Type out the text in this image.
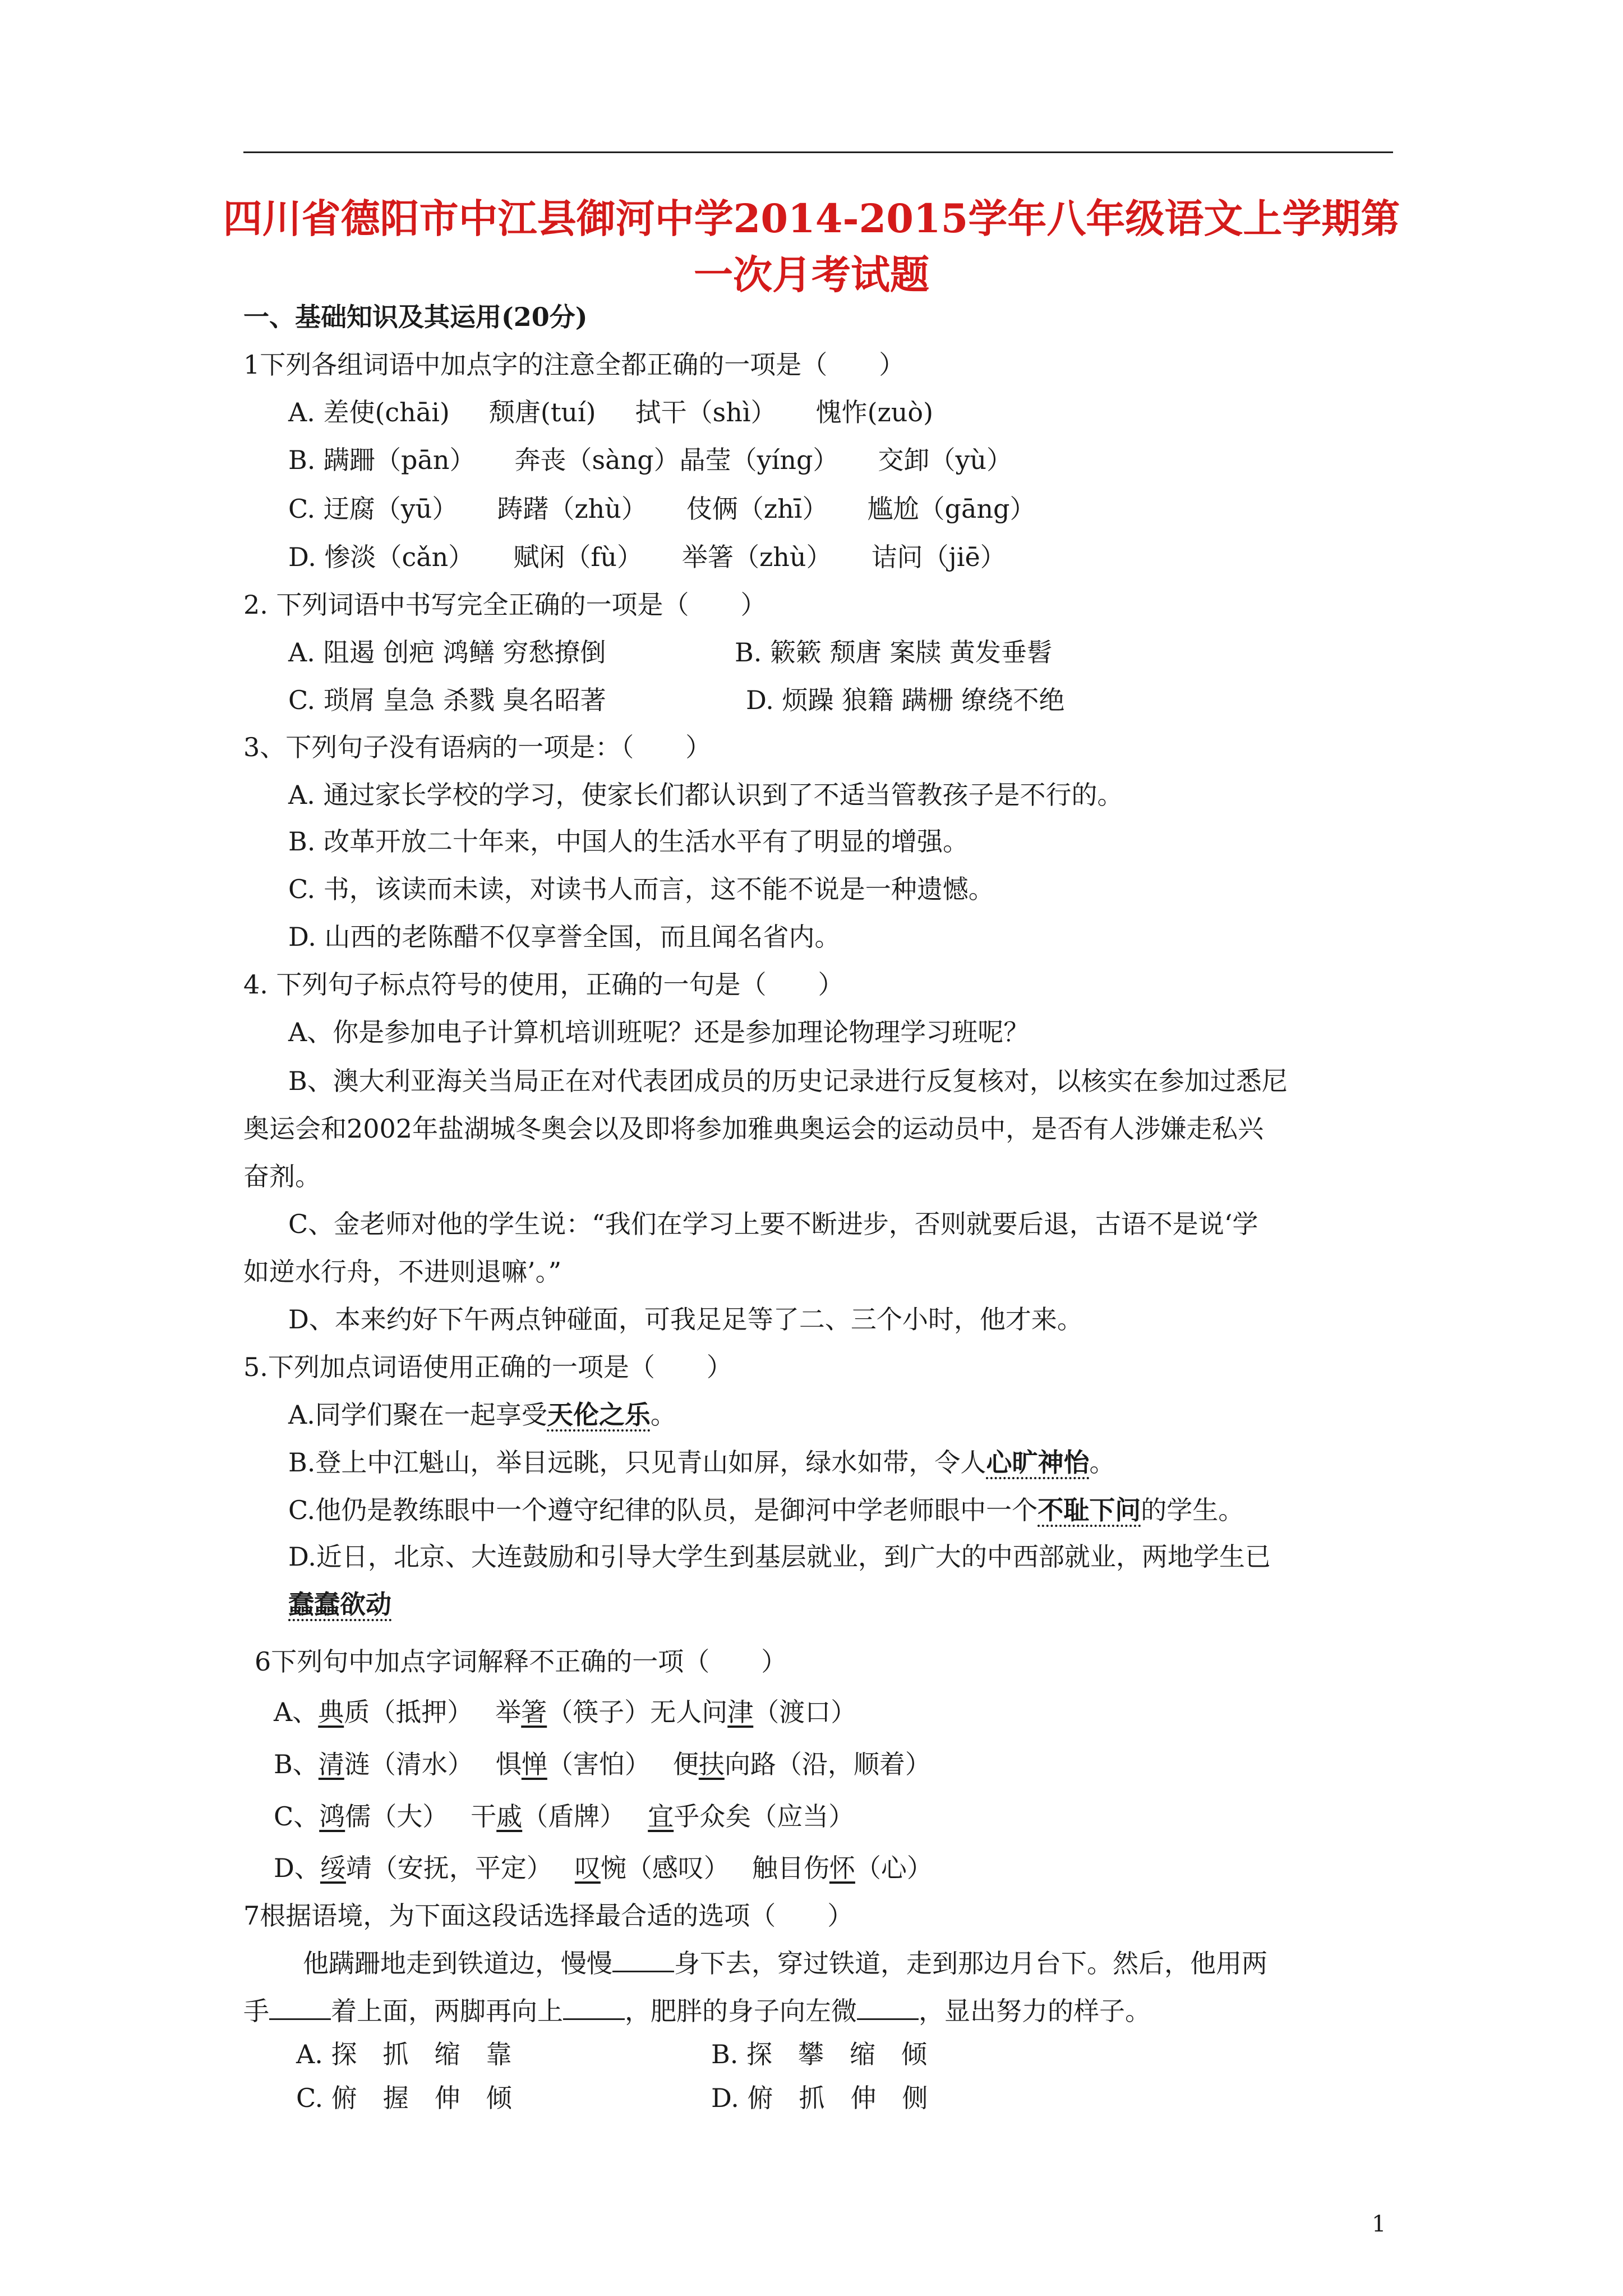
四川省德阳市中江县御河中学2014-2015学年八年级语文上学期第
一次月考试题
一、基础知识及其运用(20分)
1下列各组词语中加点字的注意全都正确的一项是（　　）
A. 差使(chāi) 颓唐(tuí) 拭干（shì） 愧怍(zuò)
B. 蹒跚（pān） 奔丧（sàng）晶莹（yíng） 交卸（yù）
C. 迂腐（yū） 踌躇（zhù） 伎俩（zhī） 尴尬（gāng）
D. 惨淡（cǎn） 赋闲（fù） 举箸（zhù） 诘问（jiē）
2. 下列词语中书写完全正确的一项是（　　）
A. 阻遏 创疤 鸿鳝 穷愁撩倒	B. 簌簌 颓唐 案牍 黄发垂髫
C. 琐屑 皇急 杀戮 臭名昭著	D. 烦躁 狼籍 蹒栅 缭绕不绝
3、下列句子没有语病的一项是：（　　）
A. 通过家长学校的学习，使家长们都认识到了不适当管教孩子是不行的。
B. 改革开放二十年来，中国人的生活水平有了明显的增强。
C. 书，该读而未读，对读书人而言，这不能不说是一种遗憾。
D. 山西的老陈醋不仅享誉全国，而且闻名省内。
4. 下列句子标点符号的使用，正确的一句是（　　）
A、你是参加电子计算机培训班呢？还是参加理论物理学习班呢？
B、澳大利亚海关当局正在对代表团成员的历史记录进行反复核对，以核实在参加过悉尼
奥运会和2002年盐湖城冬奥会以及即将参加雅典奥运会的运动员中，是否有人涉嫌走私兴
奋剂。
C、金老师对他的学生说：“我们在学习上要不断进步，否则就要后退，古语不是说‘学
如逆水行舟，不进则退嘛’。”
D、本来约好下午两点钟碰面，可我足足等了二、三个小时，他才来。
5.下列加点词语使用正确的一项是（　　）
A.同学们聚在一起享受天伦之乐。
B.登上中江魁山，举目远眺，只见青山如屏，绿水如带，令人心旷神怡。
C.他仍是教练眼中一个遵守纪律的队员，是御河中学老师眼中一个不耻下问的学生。
D.近日，北京、大连鼓励和引导大学生到基层就业，到广大的中西部就业，两地学生已
蠢蠢欲动
6下列句中加点字词解释不正确的一项（　　）
A、典质（抵押） 举箸（筷子）无人问津（渡口）
B、清涟（清水） 惧惮（害怕） 便扶向路（沿，顺着）
C、鸿儒（大） 干戚（盾牌） 宜乎众矣（应当）
D、绥靖（安抚，平定） 叹惋（感叹） 触目伤怀（心）
7根据语境，为下面这段话选择最合适的选项（　　）
他蹒跚地走到铁道边，慢慢 身下去，穿过铁道，走到那边月台下。然后，他用两
手 着上面，两脚再向上 ，肥胖的身子向左微 ，显出努力的样子。
A. 探　抓　缩　靠	B. 探　攀　缩　倾
C. 俯　握　伸　倾	D. 俯　抓　伸　侧
1
